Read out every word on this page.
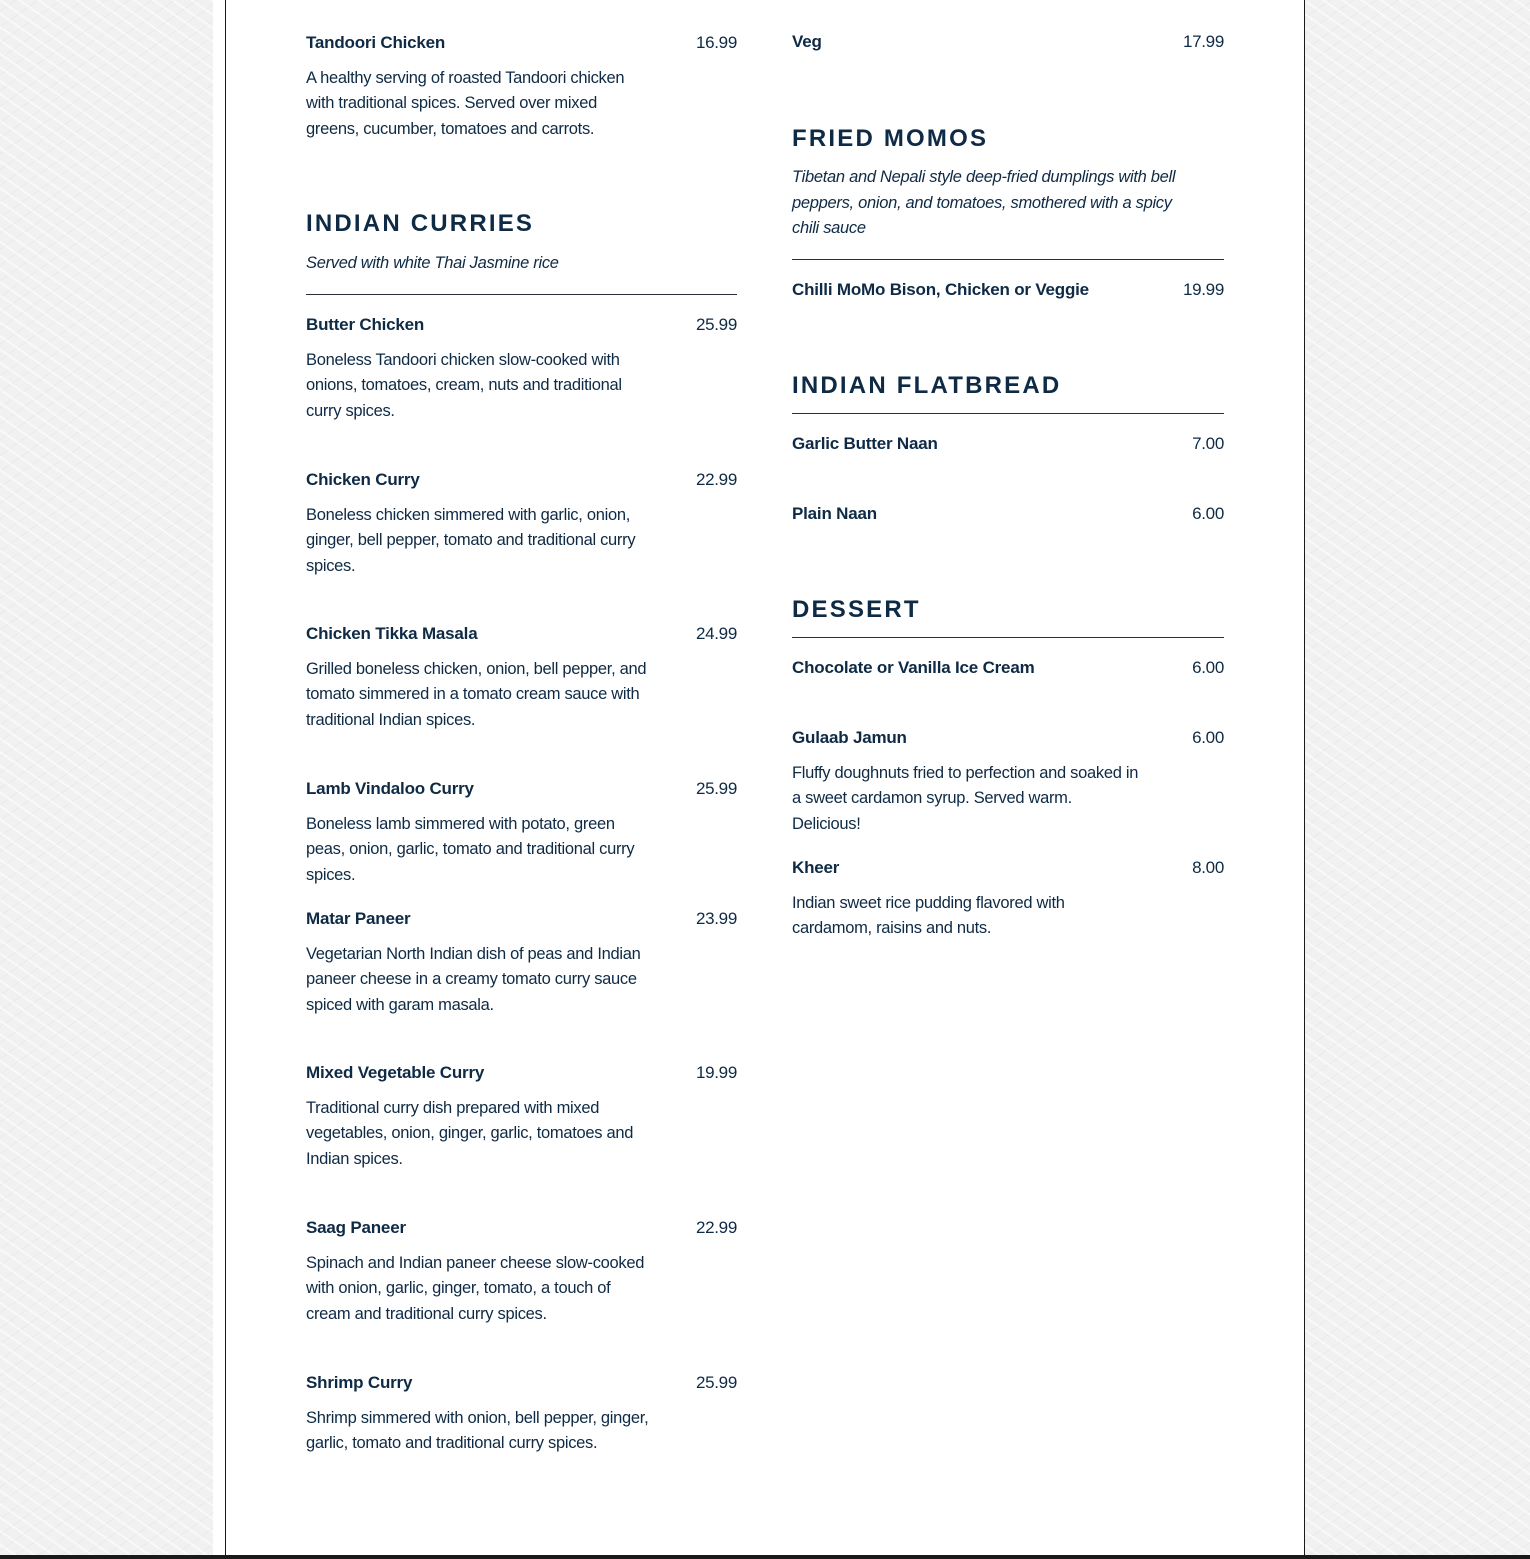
Tandoori Chicken	16.99
A healthy serving of roasted Tandoori chicken with traditional spices. Served over mixed greens, cucumber, tomatoes and carrots.
INDIAN CURRIES
Served with white Thai Jasmine rice
Butter Chicken	25.99
Boneless Tandoori chicken slow-cooked with onions, tomatoes, cream, nuts and traditional curry spices.
Chicken Curry	22.99
Boneless chicken simmered with garlic, onion, ginger, bell pepper, tomato and traditional curry spices.
Chicken Tikka Masala	24.99
Grilled boneless chicken, onion, bell pepper, and tomato simmered in a tomato cream sauce with traditional Indian spices.
Lamb Vindaloo Curry	25.99
Boneless lamb simmered with potato, green peas, onion, garlic, tomato and traditional curry spices.
Matar Paneer	23.99
Vegetarian North Indian dish of peas and Indian paneer cheese in a creamy tomato curry sauce spiced with garam masala.
Mixed Vegetable Curry	19.99
Traditional curry dish prepared with mixed vegetables, onion, ginger, garlic, tomatoes and Indian spices.
Saag Paneer	22.99
Spinach and Indian paneer cheese slow-cooked with onion, garlic, ginger, tomato, a touch of cream and traditional curry spices.
Shrimp Curry	25.99
Shrimp simmered with onion, bell pepper, ginger, garlic, tomato and traditional curry spices.
Veg	17.99
FRIED MOMOS
Tibetan and Nepali style deep-fried dumplings with bell peppers, onion, and tomatoes, smothered with a spicy chili sauce
Chilli MoMo Bison, Chicken or Veggie	19.99
INDIAN FLATBREAD
Garlic Butter Naan	7.00
Plain Naan	6.00
DESSERT
Chocolate or Vanilla Ice Cream	6.00
Gulaab Jamun	6.00
Fluffy doughnuts fried to perfection and soaked in a sweet cardamon syrup. Served warm. Delicious!
Kheer	8.00
Indian sweet rice pudding flavored with cardamom, raisins and nuts.
